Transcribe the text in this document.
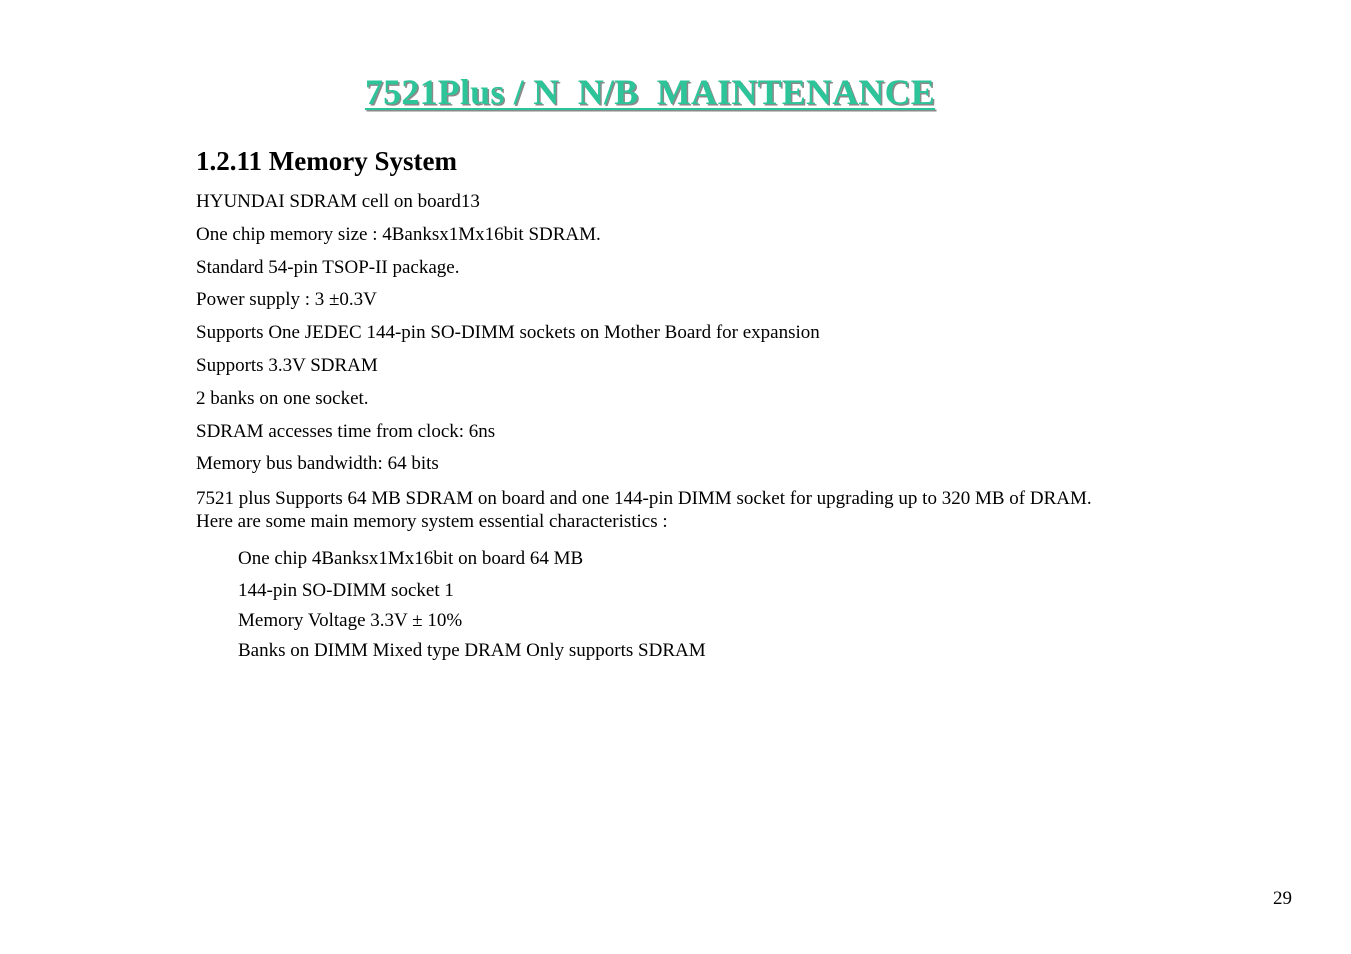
7521Plus / N  N/B  MAINTENANCE
1.2.11 Memory System
HYUNDAI SDRAM cell on board13
One chip memory size : 4Banksx1Mx16bit SDRAM.
Standard 54-pin TSOP-II package.
Power supply : 3 ±0.3V
Supports One JEDEC 144-pin SO-DIMM sockets on Mother Board for expansion
Supports 3.3V SDRAM
2 banks on one socket.
SDRAM accesses time from clock: 6ns
Memory bus bandwidth: 64 bits

7521 plus Supports 64 MB SDRAM on board and one 144-pin DIMM socket for upgrading up to 320 MB of DRAM.
Here are some main memory system essential characteristics :

One chip 4Banksx1Mx16bit on board 64 MB
144-pin SO-DIMM socket 1
Memory Voltage 3.3V ± 10%
Banks on DIMM Mixed type DRAM Only supports SDRAM

29
